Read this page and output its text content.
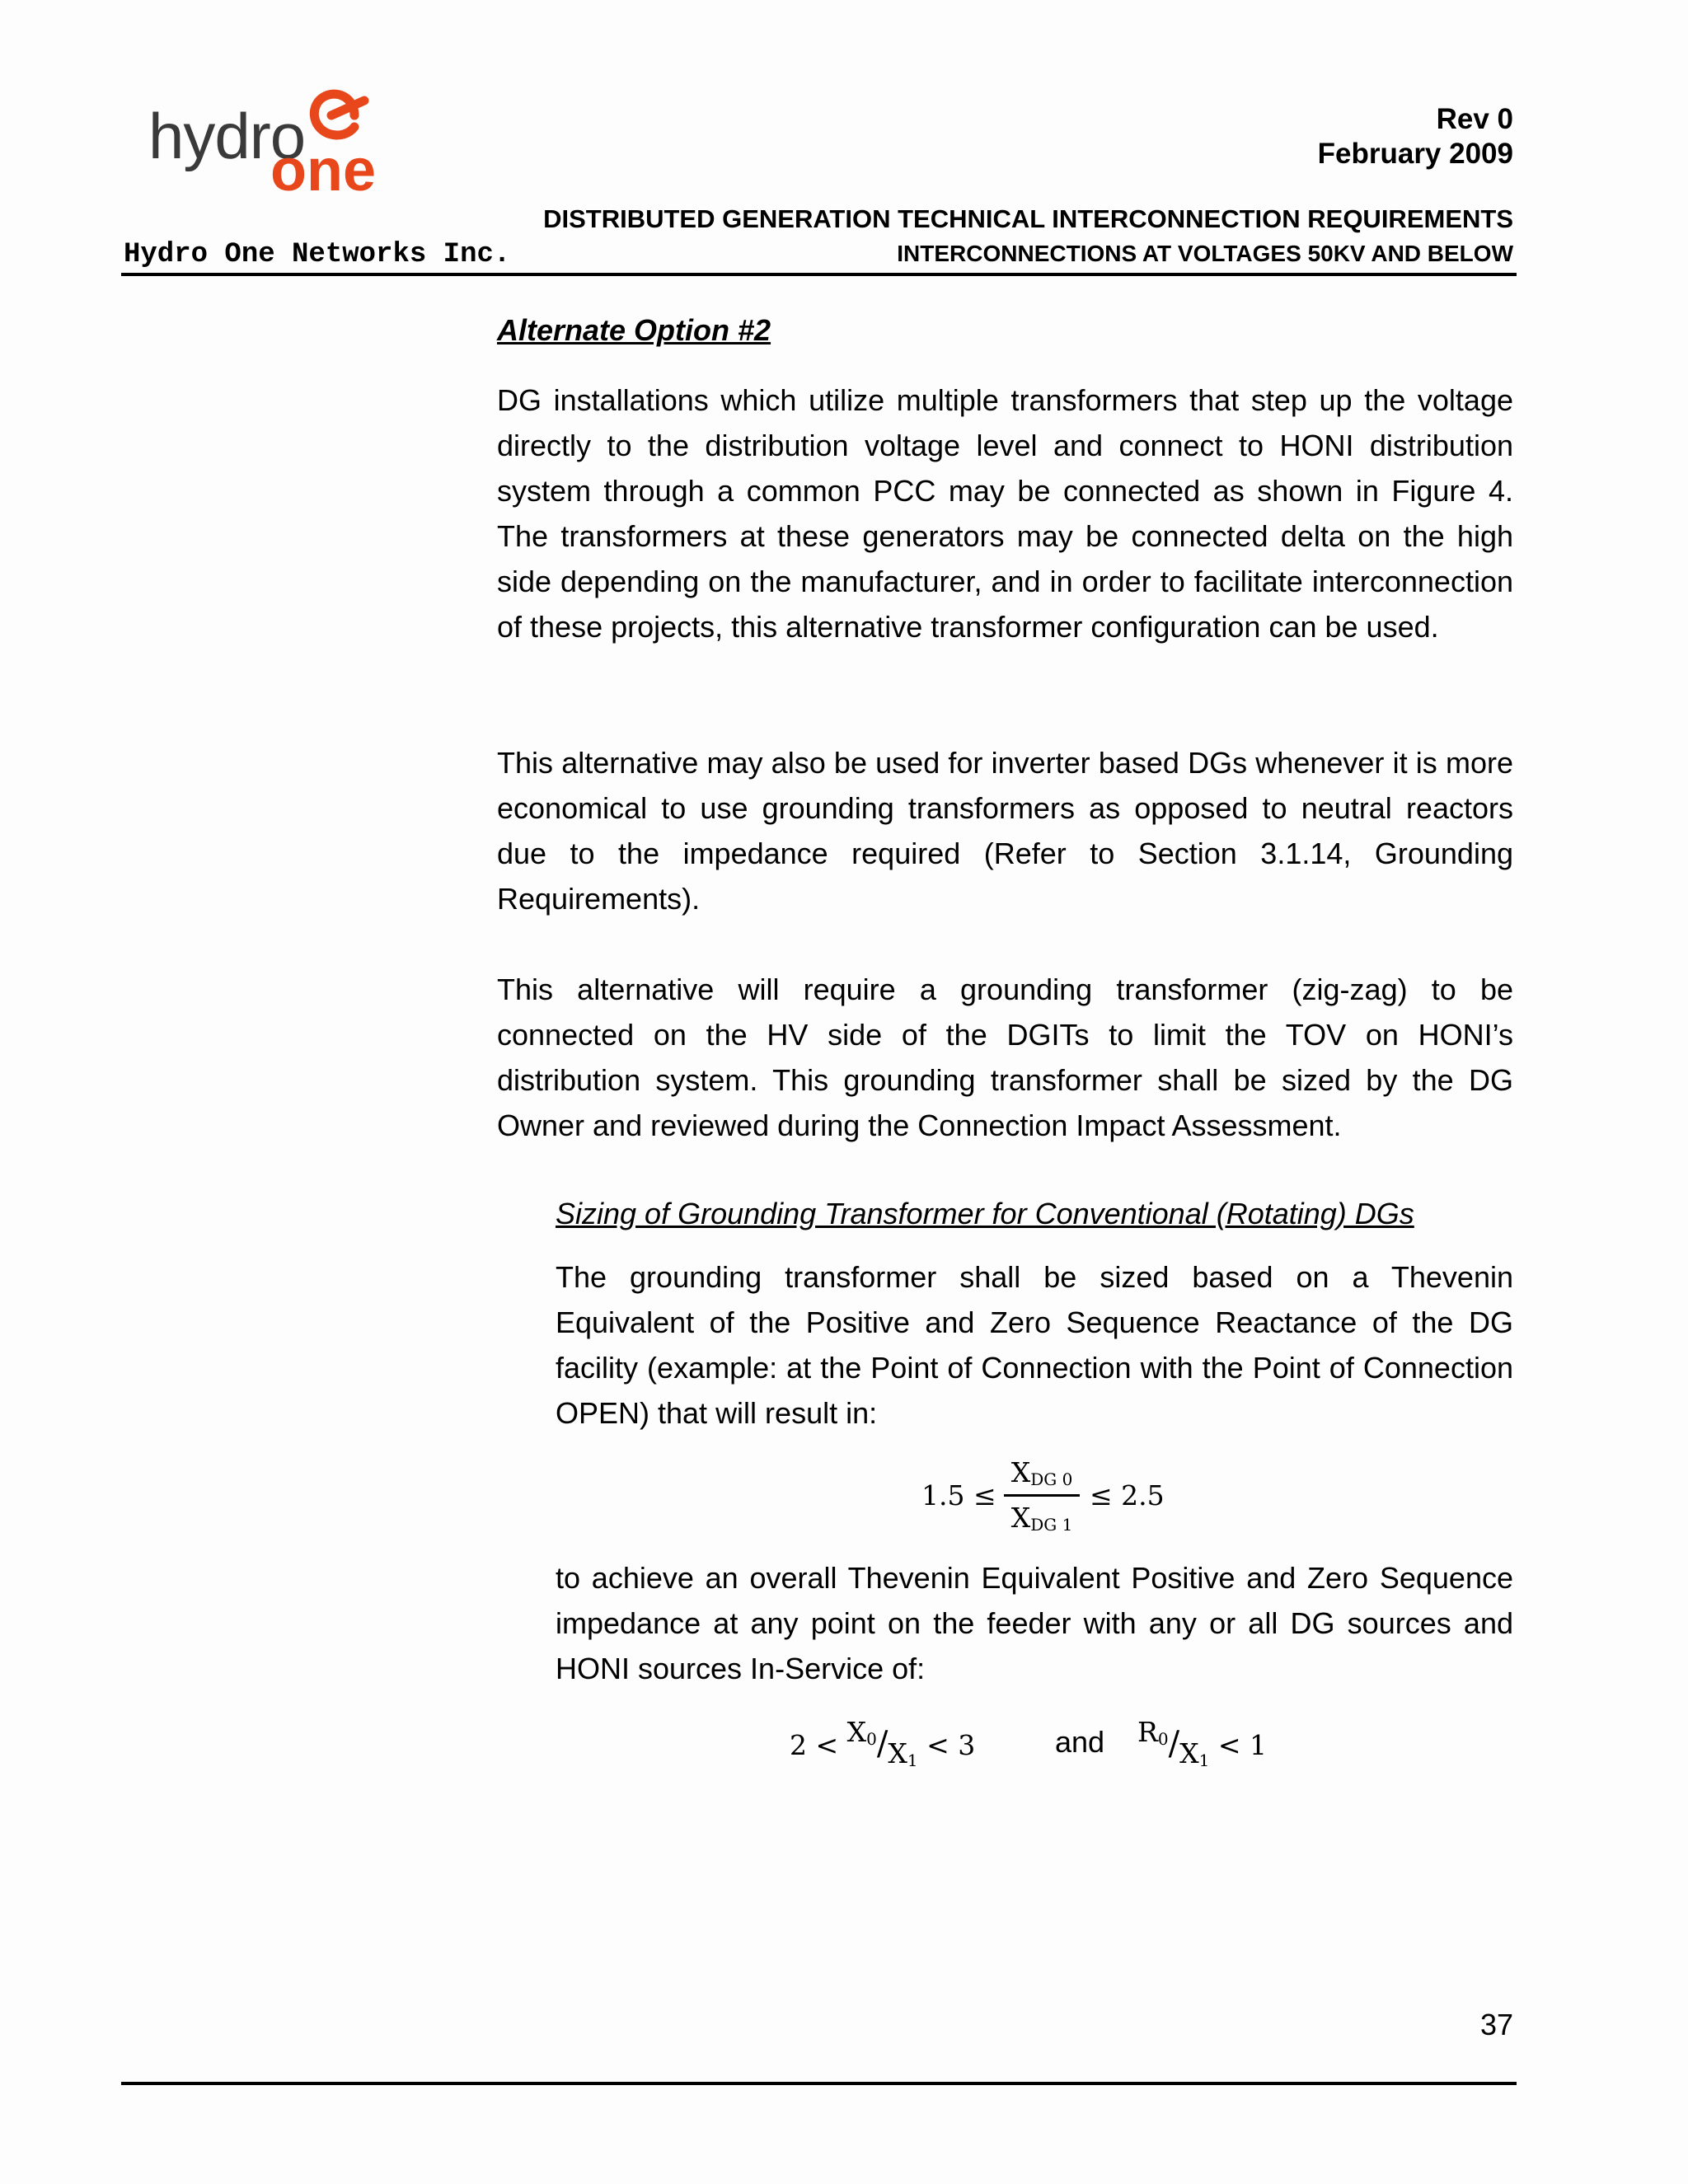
hydro
one
Rev 0
February 2009
DISTRIBUTED GENERATION TECHNICAL INTERCONNECTION REQUIREMENTS
Hydro One Networks Inc.	INTERCONNECTIONS AT VOLTAGES 50KV AND BELOW
Alternate Option #2
DG installations which utilize multiple transformers that step up the voltage directly to the distribution voltage level and connect to HONI distribution system through a common PCC may be connected as shown in Figure 4. The transformers at these generators may be connected delta on the high side depending on the manufacturer, and in order to facilitate interconnection of these projects, this alternative transformer configuration can be used.
This alternative may also be used for inverter based DGs whenever it is more economical to use grounding transformers as opposed to neutral reactors due to the impedance required (Refer to Section 3.1.14, Grounding Requirements).
This alternative will require a grounding transformer (zig-zag) to be connected on the HV side of the DGITs to limit the TOV on HONI’s distribution system. This grounding transformer shall be sized by the DG Owner and reviewed during the Connection Impact Assessment.
Sizing of Grounding Transformer for Conventional (Rotating) DGs
The grounding transformer shall be sized based on a Thevenin Equivalent of the Positive and Zero Sequence Reactance of the DG facility (example: at the Point of Connection with the Point of Connection OPEN) that will result in:
1.5 ≤
$X_{DG 0}$
$X_{DG 1}$
≤ 2.5
to achieve an overall Thevenin Equivalent Positive and Zero Sequence impedance at any point on the feeder with any or all DG sources and HONI sources In-Service of:
$2 < X_0/X_1 < 3$	and $R_0/X_1 < 1$
37
